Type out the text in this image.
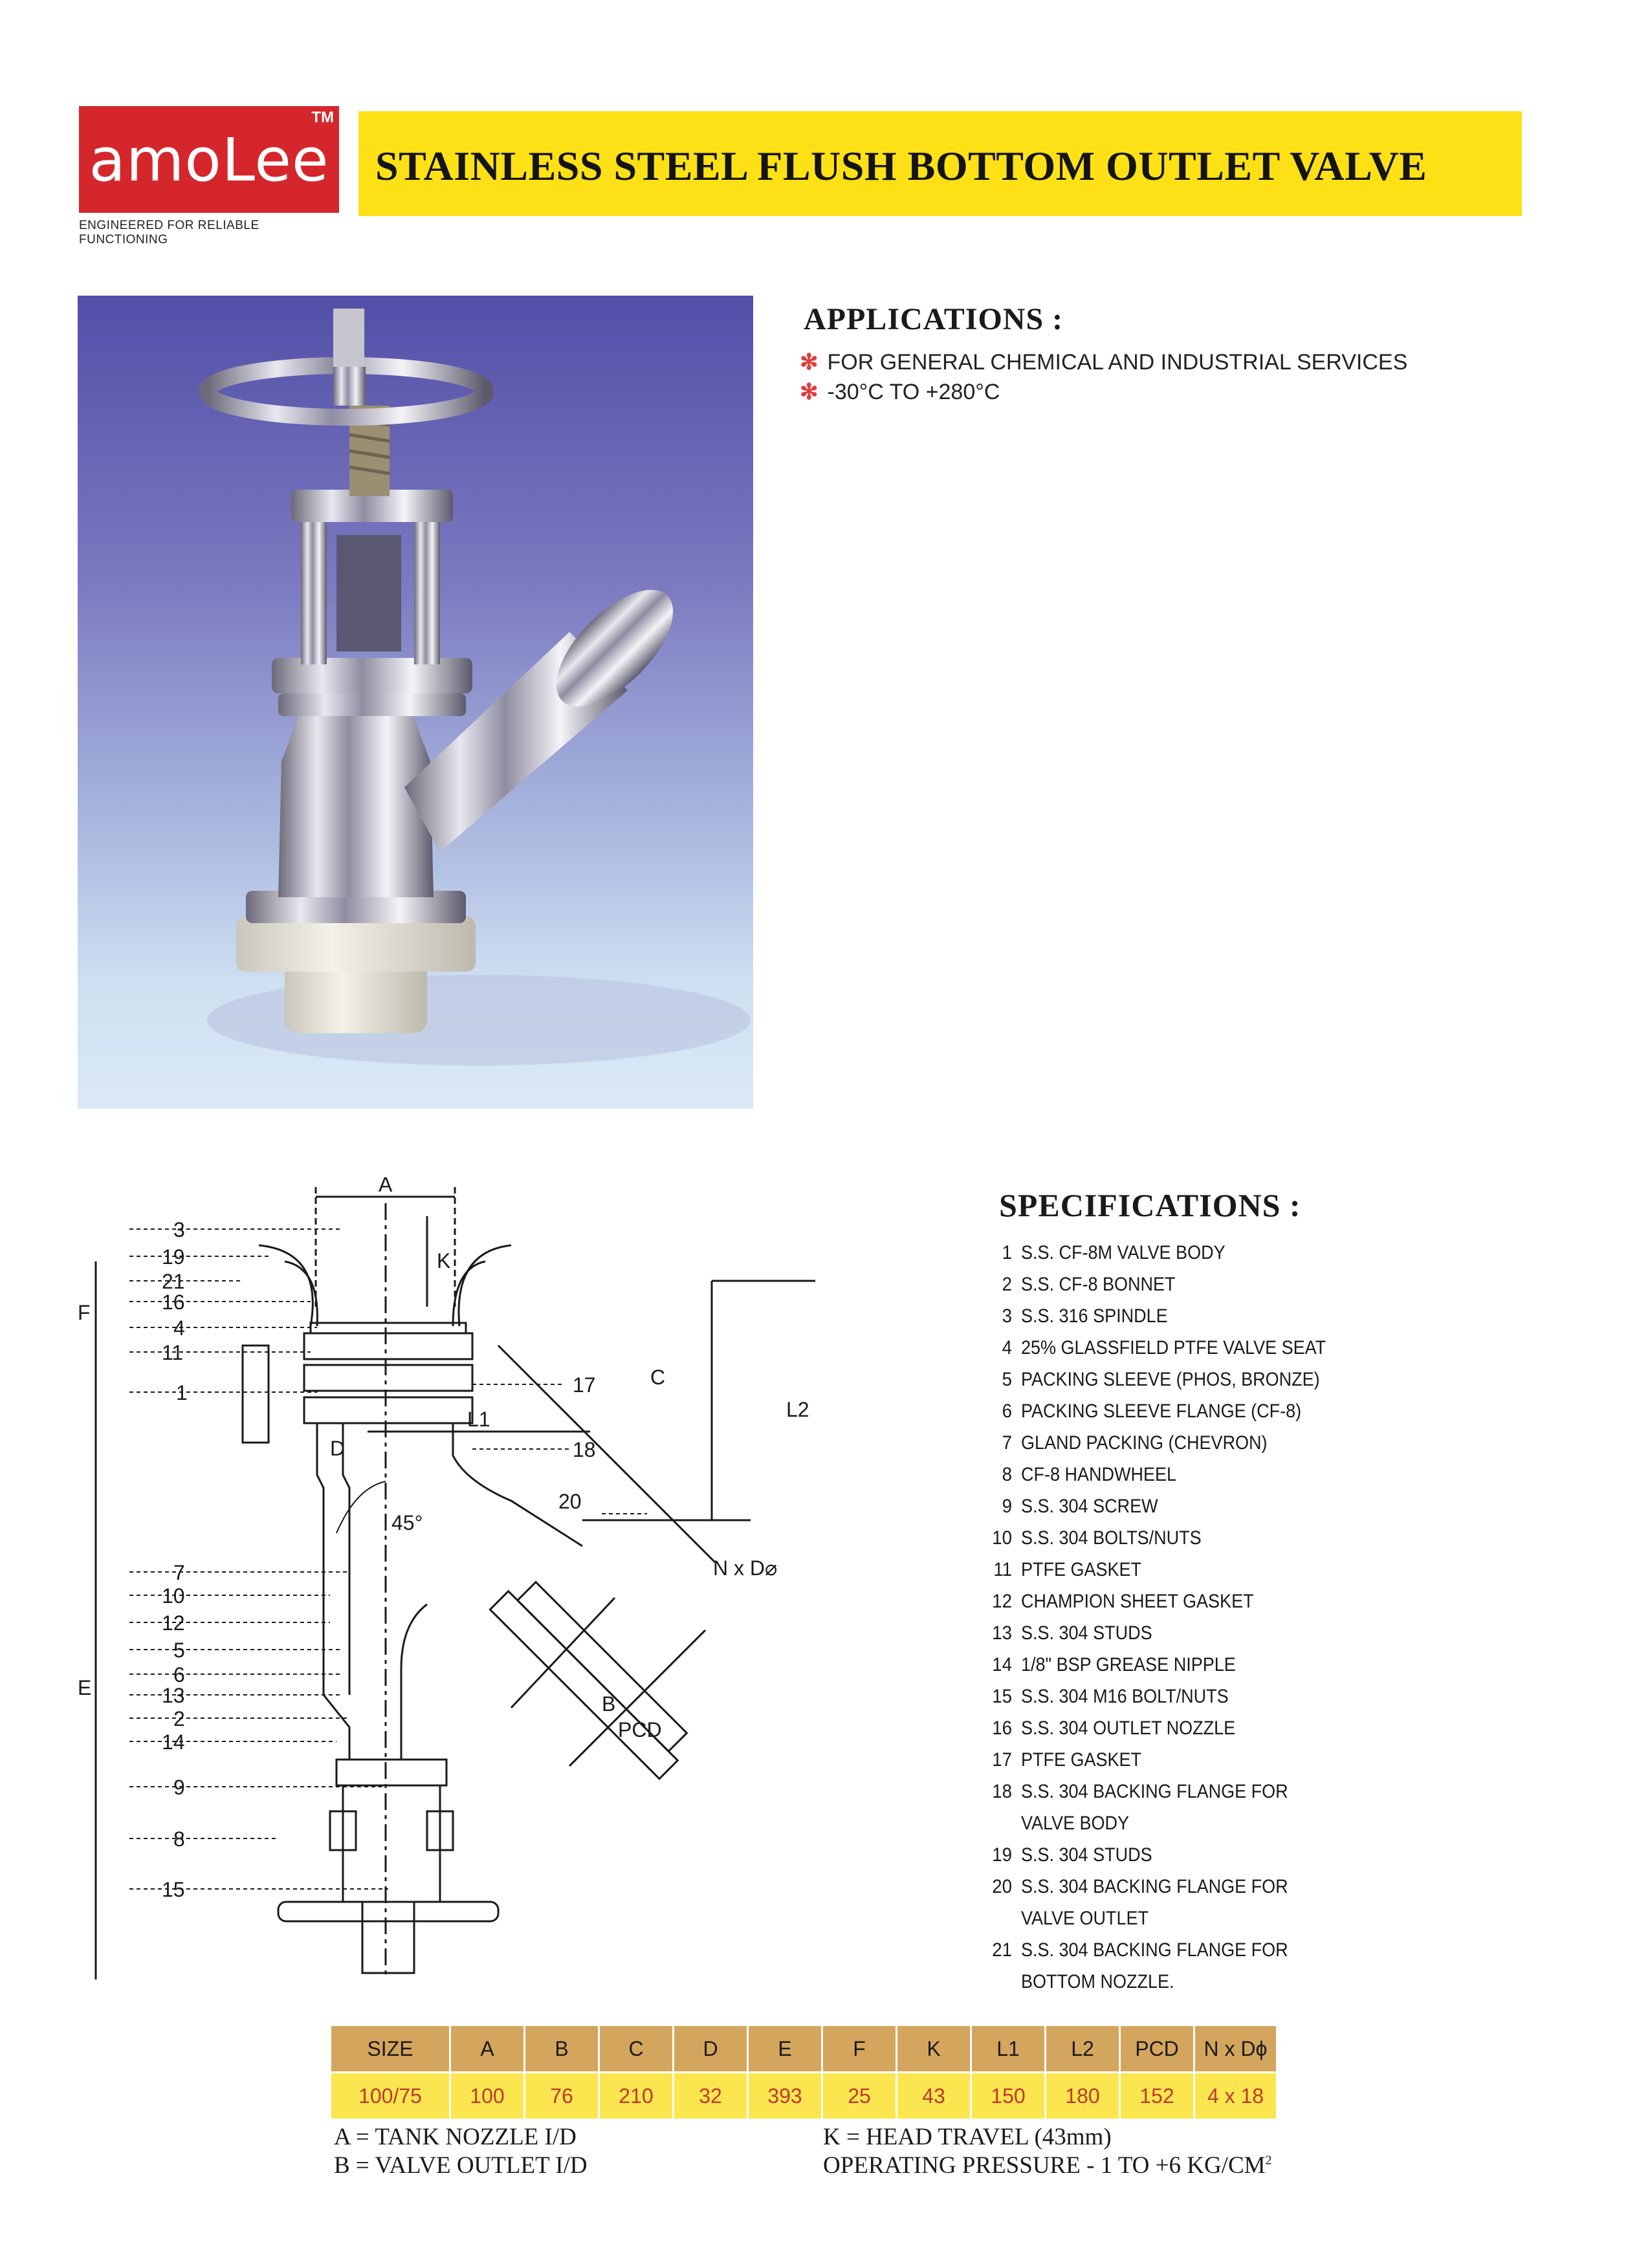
TM
amoLee
ENGINEERED FOR RELIABLE FUNCTIONING
STAINLESS STEEL FLUSH BOTTOM OUTLET VALVE
APPLICATIONS :
✻ FOR GENERAL CHEMICAL AND INDUSTRIAL SERVICES
✻ -30°C TO +280°C
A
K
C
D
F
E
L1	L2
B
PCD
N x D⌀
45°
3
19
21
16
4
11
1
7
10
12
5
6
13
2
14
9
8
15
17
18
20
SPECIFICATIONS :
1 S.S. CF-8M VALVE BODY
2 S.S. CF-8 BONNET
3 S.S. 316 SPINDLE
4 25% GLASSFIELD PTFE VALVE SEAT
5 PACKING SLEEVE (PHOS, BRONZE)
6 PACKING SLEEVE FLANGE (CF-8)
7 GLAND PACKING (CHEVRON)
8 CF-8 HANDWHEEL
9 S.S. 304 SCREW
10 S.S. 304 BOLTS/NUTS
11 PTFE GASKET
12 CHAMPION SHEET GASKET
13 S.S. 304 STUDS
14 1/8" BSP GREASE NIPPLE
15 S.S. 304 M16 BOLT/NUTS
16 S.S. 304 OUTLET NOZZLE
17 PTFE GASKET
18 S.S. 304 BACKING FLANGE FOR
VALVE BODY
19 S.S. 304 STUDS
20 S.S. 304 BACKING FLANGE FOR
VALVE OUTLET
21 S.S. 304 BACKING FLANGE FOR
BOTTOM NOZZLE.
SIZE	A	B	C	D	E	F	K	L1	L2	PCD	N x Dϕ
100/75	100	76	210	32	393	25	43	150	180	152	4 x 18
A = TANK NOZZLE I/D
B = VALVE OUTLET I/D
K = HEAD TRAVEL (43mm)
OPERATING PRESSURE - 1 TO +6 $KG/CM^2$
